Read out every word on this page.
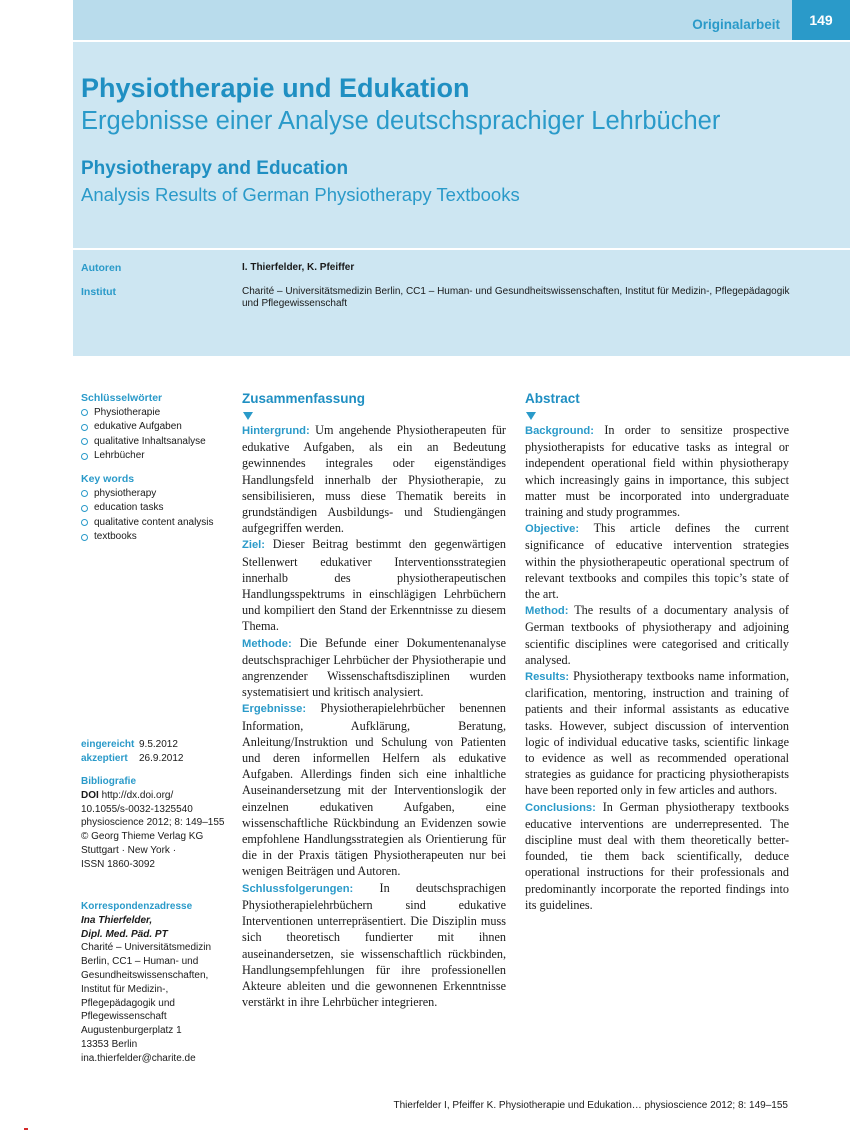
Originalarbeit	149
Physiotherapie und Edukation
Ergebnisse einer Analyse deutschsprachiger Lehrbücher
Physiotherapy and Education
Analysis Results of German Physiotherapy Textbooks
Autoren	I. Thierfelder, K. Pfeiffer
Institut	Charité – Universitätsmedizin Berlin, CC1 – Human- und Gesundheitswissenschaften, Institut für Medizin-, Pflegepädagogik und Pflegewissenschaft
Schlüsselwörter
Physiotherapie
edukative Aufgaben
qualitative Inhaltsanalyse
Lehrbücher
Key words
physiotherapy
education tasks
qualitative content analysis
textbooks
eingereicht 9.5.2012
akzeptiert 26.9.2012
Bibliografie
DOI http://dx.doi.org/
10.1055/s-0032-1325540
physioscience 2012; 8: 149–155
© Georg Thieme Verlag KG
Stuttgart · New York ·
ISSN 1860-3092
Korrespondenzadresse
Ina Thierfelder,
Dipl. Med. Päd. PT
Charité – Universitätsmedizin
Berlin, CC1 – Human- und
Gesundheitswissenschaften,
Institut für Medizin-,
Pflegepädagogik und
Pflegewissenschaft
Augustenburgerplatz 1
13353 Berlin
ina.thierfelder@charite.de
Zusammenfassung

Hintergrund: Um angehende Physiotherapeuten für edukative Aufgaben, als ein an Bedeutung gewinnendes integrales oder eigenständiges Handlungsfeld innerhalb der Physiotherapie, zu sensibilisieren, muss diese Thematik bereits in grundständigen Ausbildungs- und Studiengängen aufgegriffen werden.

Ziel: Dieser Beitrag bestimmt den gegenwärtigen Stellenwert edukativer Interventionsstrategien innerhalb des physiotherapeutischen Handlungsspektrums in einschlägigen Lehrbüchern und kompiliert den Stand der Erkenntnisse zu diesem Thema.

Methode: Die Befunde einer Dokumentenanalyse deutschsprachiger Lehrbücher der Physiotherapie und angrenzender Wissenschaftsdisziplinen wurden systematisiert und kritisch analysiert.

Ergebnisse: Physiotherapielehrbücher benennen Information, Aufklärung, Beratung, Anleitung/Instruktion und Schulung von Patienten und deren informellen Helfern als edukative Aufgaben. Allerdings finden sich eine inhaltliche Auseinandersetzung mit der Interventionslogik der einzelnen edukativen Aufgaben, eine wissenschaftliche Rückbindung an Evidenzen sowie empfohlene Handlungsstrategien als Orientierung für die in der Praxis tätigen Physiotherapeuten nur bei wenigen Beiträgen und Autoren.

Schlussfolgerungen: In deutschsprachigen Physiotherapielehrbüchern sind edukative Interventionen unterrepräsentiert. Die Disziplin muss sich theoretisch fundierter mit ihnen auseinandersetzen, sie wissenschaftlich rückbinden, Handlungsempfehlungen für ihre professionellen Akteure ableiten und die gewonnenen Erkenntnisse verstärkt in ihre Lehrbücher integrieren.

Abstract

Background: In order to sensitize prospective physiotherapists for educative tasks as integral or independent operational field within physiotherapy which increasingly gains in importance, this subject matter must be incorporated into undergraduate training and study programmes.

Objective: This article defines the current significance of educative intervention strategies within the physiotherapeutic operational spectrum of relevant textbooks and compiles this topic’s state of the art.

Method: The results of a documentary analysis of German textbooks of physiotherapy and adjoining scientific disciplines were categorised and critically analysed.

Results: Physiotherapy textbooks name information, clarification, mentoring, instruction and training of patients and their informal assistants as educative tasks. However, subject discussion of intervention logic of individual educative tasks, scientific linkage to evidence as well as recommended operational strategies as guidance for practicing physiotherapists have been reported only in few articles and authors.

Conclusions: In German physiotherapy textbooks educative interventions are underrepresented. The discipline must deal with them theoretically better-founded, tie them back scientifically, deduce operational instructions for their professionals and predominantly incorporate the reported findings into its guidelines.

Thierfelder I, Pfeiffer K. Physiotherapie und Edukation… physioscience 2012; 8: 149–155
